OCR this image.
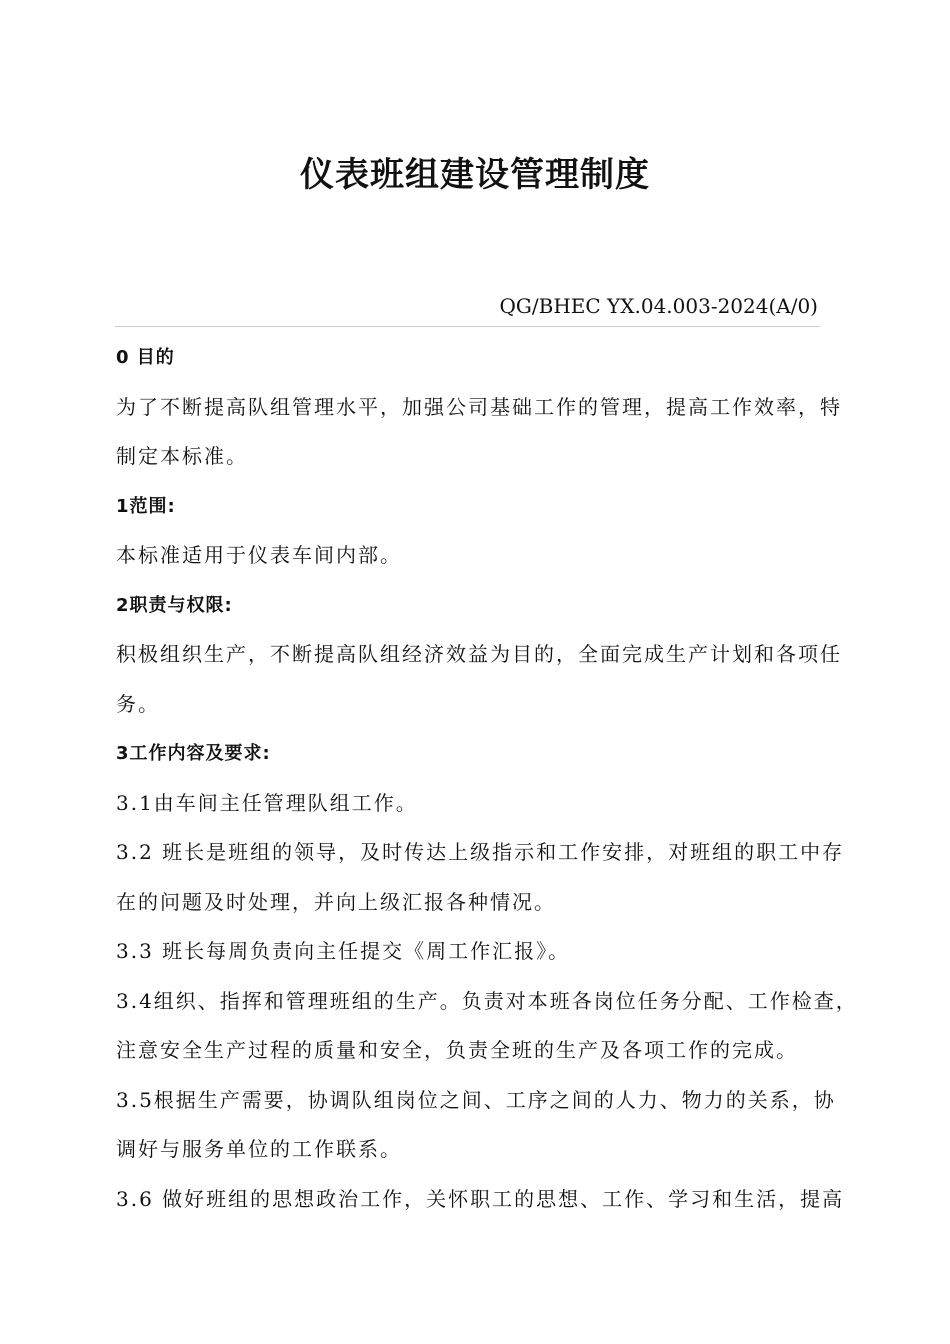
仪表班组建设管理制度
QG/BHEC YX.04.003-2024(A/0)
0 目的
为了不断提高队组管理水平，加强公司基础工作的管理，提高工作效率，特
制定本标准。
1范围:
本标准适用于仪表车间内部。
2职责与权限:
积极组织生产，不断提高队组经济效益为目的，全面完成生产计划和各项任
务。
3工作内容及要求:
3.1由车间主任管理队组工作。
3.2 班长是班组的领导，及时传达上级指示和工作安排，对班组的职工中存
在的问题及时处理，并向上级汇报各种情况。
3.3 班长每周负责向主任提交《周工作汇报》。
3.4组织、指挥和管理班组的生产。负责对本班各岗位任务分配、工作检查，
注意安全生产过程的质量和安全，负责全班的生产及各项工作的完成。
3.5根据生产需要，协调队组岗位之间、工序之间的人力、物力的关系，协
调好与服务单位的工作联系。
3.6 做好班组的思想政治工作，关怀职工的思想、工作、学习和生活，提高
